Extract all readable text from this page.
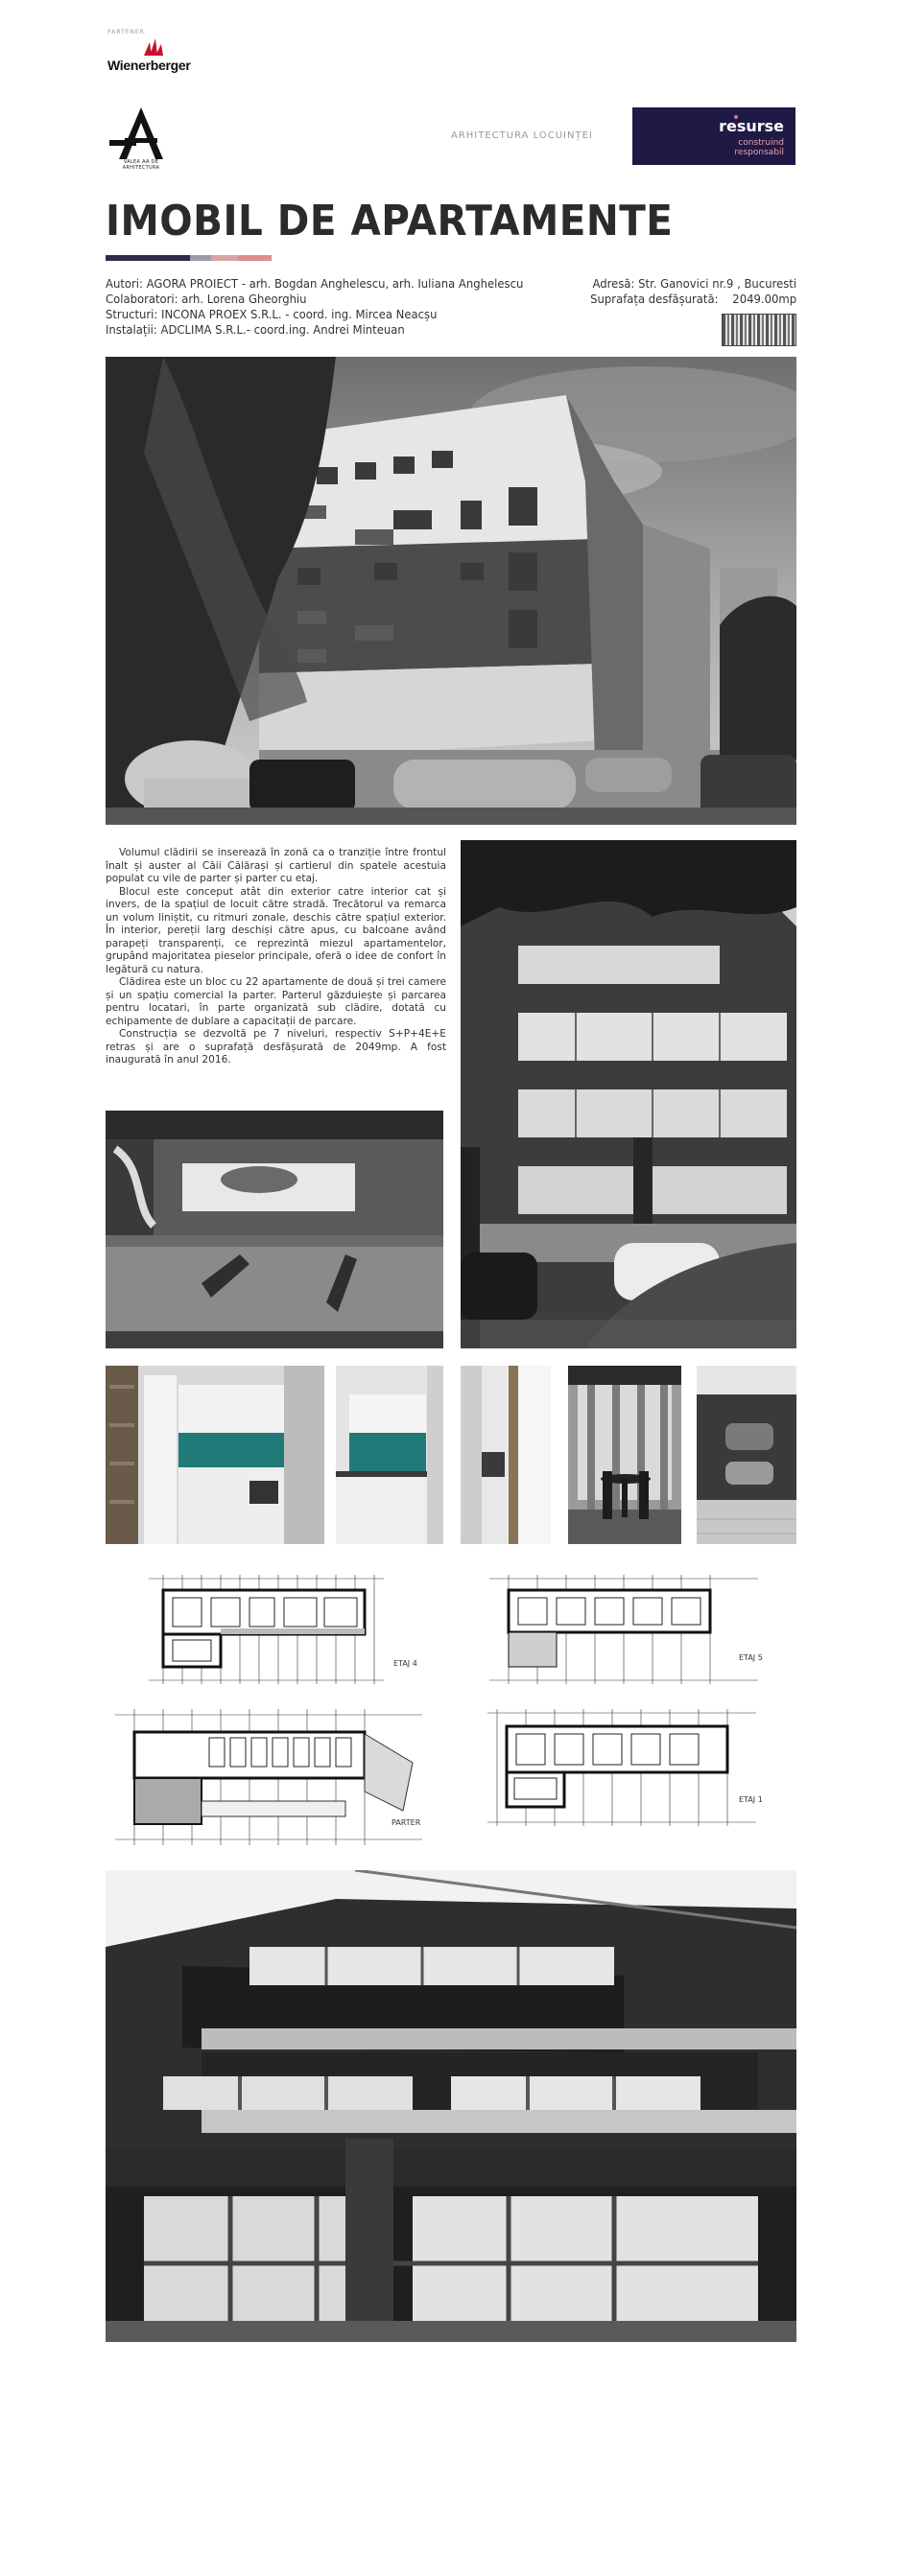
PARTENER
Wienerberger
VALEA AA DE ARHITECTURA
ARHITECTURA LOCUINȚEI
resurse
construind
responsabil
IMOBIL DE APARTAMENTE
Autori: AGORA PROIECT - arh. Bogdan Anghelescu, arh. Iuliana Anghelescu
Colaboratori: arh. Lorena Gheorghiu
Structuri: INCONA PROEX S.R.L. - coord. ing. Mircea Neacșu
Instalații: ADCLIMA S.R.L.- coord.ing. Andrei Minteuan
Adresă: Str. Ganovici nr.9 , Bucuresti
Suprafața desfășurată:    2049.00mp

Volumul clădirii se inserează în zonă ca o tranziție între frontul înalt și auster al Căii Călărași și cartierul din spatele acestuia populat cu vile de parter și parter cu etaj.

Blocul este conceput atât din exterior catre interior cat și invers, de la spațiul de locuit către stradă. Trecătorul va remarca un volum liniștit, cu ritmuri zonale, deschis către spațiul exterior. În interior, pereții larg deschiși către apus, cu balcoane având parapeți transparenți, ce reprezintă miezul apartamentelor, grupând majoritatea pieselor principale, oferă o idee de confort în legătură cu natura.

Clădirea este un bloc cu 22 apartamente de două și trei camere și un spațiu comercial la parter. Parterul găzduiește și parcarea pentru locatari, în parte organizată sub clădire, dotată cu echipamente de dublare a capacitații de parcare.

Construcția se dezvoltă pe 7 niveluri, respectiv S+P+4E+E retras și are o suprafață desfășurată de 2049mp. A fost inaugurată în anul 2016.

ETAJ 4
ETAJ 5
PARTER
ETAJ 1
